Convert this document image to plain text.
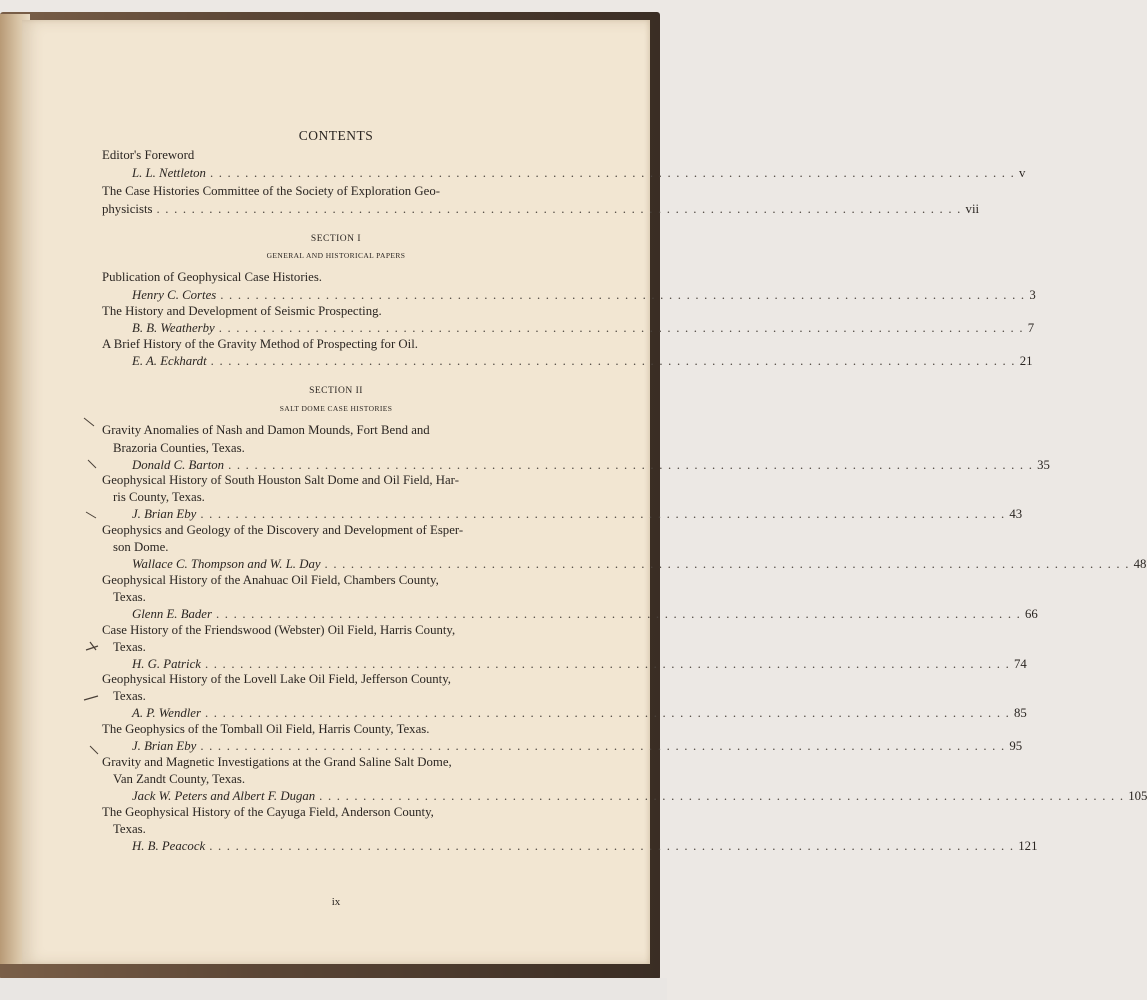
CONTENTS
Editor's Foreword
L. L. Nettleton . . . . . . . . . . . . . . . . . . . . . . . . . . . . . . . . . . . . . . . . . . . . . . . . . . . . . . . . . . . . . . . . . . . . . . . . . . . . . . . . . . . . . . . . . . . . v
The Case Histories Committee of the Society of Exploration Geo-
physicists . . . . . . . . . . . . . . . . . . . . . . . . . . . . . . . . . . . . . . . . . . . . . . . . . . . . . . . . . . . . . . . . . . . . . . . . . . . . . . . . . . . . . . . . . . . . vii
SECTION I
GENERAL AND HISTORICAL PAPERS
Publication of Geophysical Case Histories.
Henry C. Cortes . . . . . . . . . . . . . . . . . . . . . . . . . . . . . . . . . . . . . . . . . . . . . . . . . . . . . . . . . . . . . . . . . . . . . . . . . . . . . . . . . . . . . . . . . . . . 3
The History and Development of Seismic Prospecting.
B. B. Weatherby . . . . . . . . . . . . . . . . . . . . . . . . . . . . . . . . . . . . . . . . . . . . . . . . . . . . . . . . . . . . . . . . . . . . . . . . . . . . . . . . . . . . . . . . . . . . 7
A Brief History of the Gravity Method of Prospecting for Oil.
E. A. Eckhardt . . . . . . . . . . . . . . . . . . . . . . . . . . . . . . . . . . . . . . . . . . . . . . . . . . . . . . . . . . . . . . . . . . . . . . . . . . . . . . . . . . . . . . . . . . . . 21
SECTION II
SALT DOME CASE HISTORIES
Gravity Anomalies of Nash and Damon Mounds, Fort Bend and
Brazoria Counties, Texas.
Donald C. Barton . . . . . . . . . . . . . . . . . . . . . . . . . . . . . . . . . . . . . . . . . . . . . . . . . . . . . . . . . . . . . . . . . . . . . . . . . . . . . . . . . . . . . . . . . . . . 35
Geophysical History of South Houston Salt Dome and Oil Field, Har-
ris County, Texas.
J. Brian Eby . . . . . . . . . . . . . . . . . . . . . . . . . . . . . . . . . . . . . . . . . . . . . . . . . . . . . . . . . . . . . . . . . . . . . . . . . . . . . . . . . . . . . . . . . . . . 43
Geophysics and Geology of the Discovery and Development of Esper-
son Dome.
Wallace C. Thompson and W. L. Day . . . . . . . . . . . . . . . . . . . . . . . . . . . . . . . . . . . . . . . . . . . . . . . . . . . . . . . . . . . . . . . . . . . . . . . . . . . . . . . . . . . . . . . . . . . . 48
Geophysical History of the Anahuac Oil Field, Chambers County,
Texas.
Glenn E. Bader . . . . . . . . . . . . . . . . . . . . . . . . . . . . . . . . . . . . . . . . . . . . . . . . . . . . . . . . . . . . . . . . . . . . . . . . . . . . . . . . . . . . . . . . . . . . 66
Case History of the Friendswood (Webster) Oil Field, Harris County,
Texas.
H. G. Patrick . . . . . . . . . . . . . . . . . . . . . . . . . . . . . . . . . . . . . . . . . . . . . . . . . . . . . . . . . . . . . . . . . . . . . . . . . . . . . . . . . . . . . . . . . . . . 74
Geophysical History of the Lovell Lake Oil Field, Jefferson County,
Texas.
A. P. Wendler . . . . . . . . . . . . . . . . . . . . . . . . . . . . . . . . . . . . . . . . . . . . . . . . . . . . . . . . . . . . . . . . . . . . . . . . . . . . . . . . . . . . . . . . . . . . 85
The Geophysics of the Tomball Oil Field, Harris County, Texas.
J. Brian Eby . . . . . . . . . . . . . . . . . . . . . . . . . . . . . . . . . . . . . . . . . . . . . . . . . . . . . . . . . . . . . . . . . . . . . . . . . . . . . . . . . . . . . . . . . . . . 95
Gravity and Magnetic Investigations at the Grand Saline Salt Dome,
Van Zandt County, Texas.
Jack W. Peters and Albert F. Dugan . . . . . . . . . . . . . . . . . . . . . . . . . . . . . . . . . . . . . . . . . . . . . . . . . . . . . . . . . . . . . . . . . . . . . . . . . . . . . . . . . . . . . . . . . . . . 105
The Geophysical History of the Cayuga Field, Anderson County,
Texas.
H. B. Peacock . . . . . . . . . . . . . . . . . . . . . . . . . . . . . . . . . . . . . . . . . . . . . . . . . . . . . . . . . . . . . . . . . . . . . . . . . . . . . . . . . . . . . . . . . . . . 121
ix
